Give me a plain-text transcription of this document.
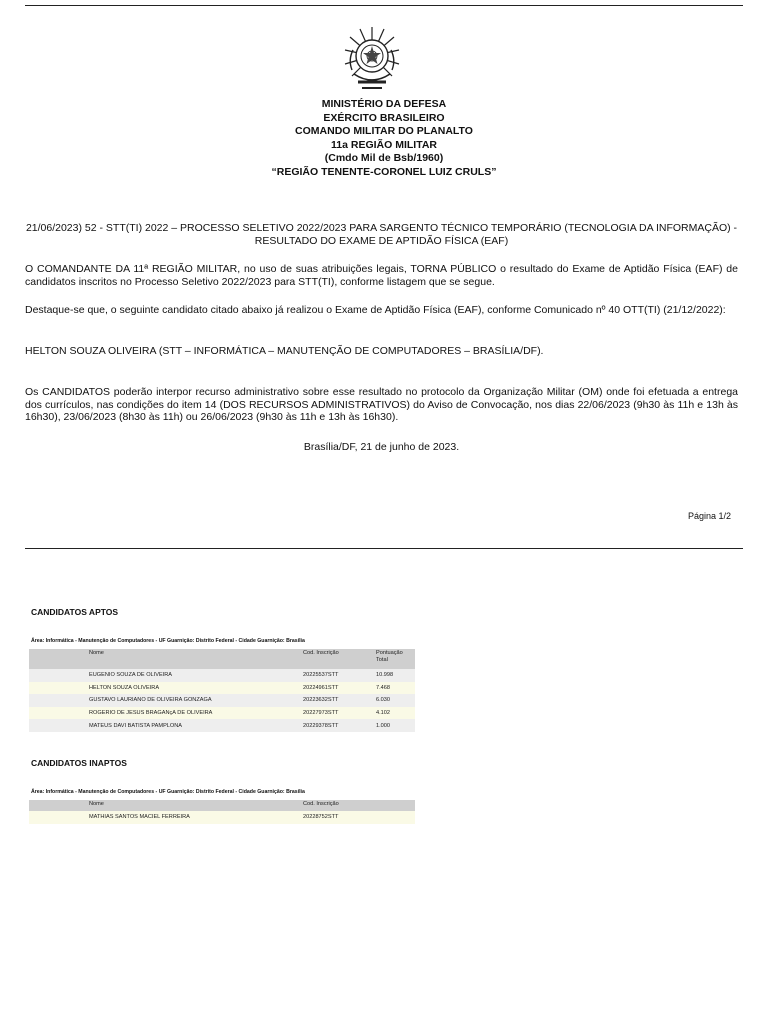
MINISTÉRIO DA DEFESA
EXÉRCITO BRASILEIRO
COMANDO MILITAR DO PLANALTO
11a REGIÃO MILITAR
(Cmdo Mil de Bsb/1960)
“REGIÃO TENENTE-CORONEL LUIZ CRULS”
21/06/2023) 52 - STT(TI) 2022 – PROCESSO SELETIVO 2022/2023 PARA SARGENTO TÉCNICO TEMPORÁRIO (TECNOLOGIA DA INFORMAÇÃO) - RESULTADO DO EXAME DE APTIDÃO FÍSICA (EAF)
O COMANDANTE DA 11ª REGIÃO MILITAR, no uso de suas atribuições legais, TORNA PÚBLICO o resultado do Exame de Aptidão Física (EAF) de candidatos inscritos no Processo Seletivo 2022/2023 para STT(TI), conforme listagem que se segue.
Destaque-se que, o seguinte candidato citado abaixo já realizou o Exame de Aptidão Física (EAF), conforme Comunicado nº 40 OTT(TI) (21/12/2022):
HELTON SOUZA OLIVEIRA (STT – INFORMÁTICA – MANUTENÇÃO DE COMPUTADORES – BRASÍLIA/DF).
Os CANDIDATOS poderão interpor recurso administrativo sobre esse resultado no protocolo da Organização Militar (OM) onde foi efetuada a entrega dos currículos, nas condições do item 14 (DOS RECURSOS ADMINISTRATIVOS) do Aviso de Convocação, nos dias 22/06/2023 (9h30 às 11h e 13h às 16h30), 23/06/2023 (8h30 às 11h) ou 26/06/2023 (9h30 às 11h e 13h às 16h30).
Brasília/DF, 21 de junho de 2023.
Página 1/2
CANDIDATOS APTOS
Área: Informática - Manutenção de Computadores - UF Guarnição: Distrito Federal - Cidade Guarnição: Brasília
	Nome	Cod. Inscrição	Pontuação Total
	EUGENIO SOUZA DE OLIVEIRA	20225537STT	10.998
	HELTON SOUZA OLIVEIRA	20224961STT	7.468
	GUSTAVO LAURIANO DE OLIVEIRA GONZAGA	20223632STT	6.030
	ROGERIO DE JESUS BRAGANçA DE OLIVEIRA	20227973STT	4.102
	MATEUS DAVI BATISTA PAMPLONA	20229378STT	1.000
CANDIDATOS INAPTOS
Área: Informática - Manutenção de Computadores - UF Guarnição: Distrito Federal - Cidade Guarnição: Brasília
	Nome	Cod. Inscrição	
	MATHIAS SANTOS MACIEL FERREIRA	20228752STT	
